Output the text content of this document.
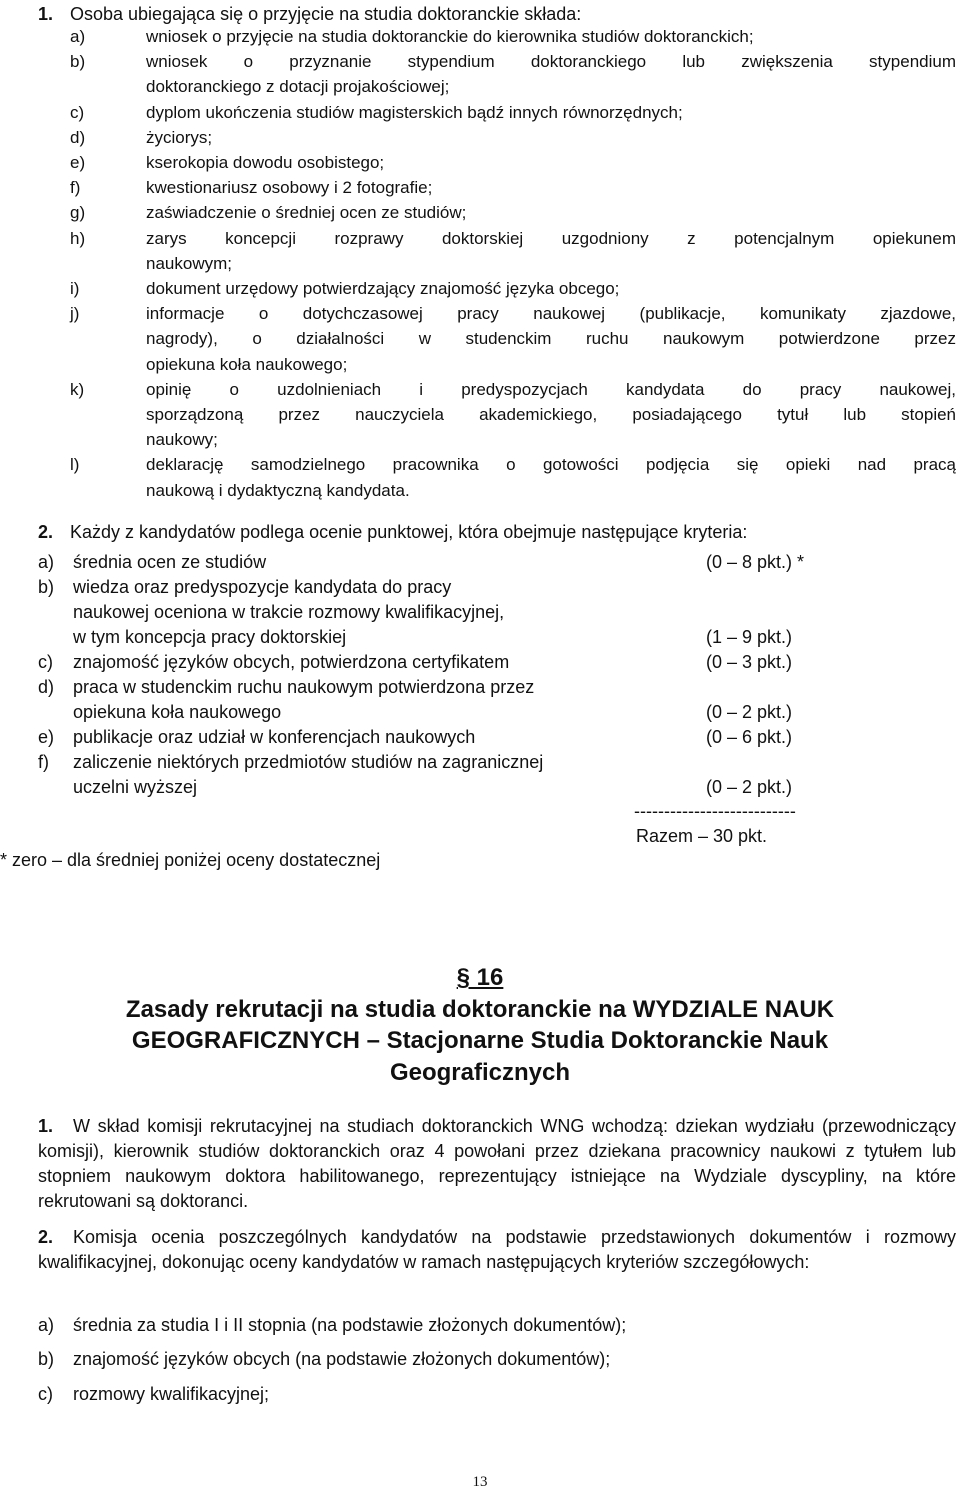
1. Osoba ubiegająca się o przyjęcie na studia doktoranckie składa:
a)	wniosek o przyjęcie na studia doktoranckie do kierownika studiów doktoranckich;
b)	wniosek o przyznanie stypendium doktoranckiego lub zwiększenia stypendium
doktoranckiego z dotacji projakościowej;
c)	dyplom ukończenia studiów magisterskich bądź innych równorzędnych;
d)	życiorys;
e)	kserokopia dowodu osobistego;
f)	kwestionariusz osobowy i 2 fotografie;
g)	zaświadczenie o średniej ocen ze studiów;
h)	zarys koncepcji rozprawy doktorskiej uzgodniony z potencjalnym opiekunem
naukowym;
i)	dokument urzędowy potwierdzający znajomość języka obcego;
j)	informacje o dotychczasowej pracy naukowej (publikacje, komunikaty zjazdowe,
nagrody), o działalności w studenckim ruchu naukowym potwierdzone przez
opiekuna koła naukowego;
k)	opinię o uzdolnieniach i predyspozycjach kandydata do pracy naukowej,
sporządzoną przez nauczyciela akademickiego, posiadającego tytuł lub stopień
naukowy;
l)	deklarację samodzielnego pracownika o gotowości podjęcia się opieki nad pracą
naukową i dydaktyczną kandydata.
2. Każdy z kandydatów podlega ocenie punktowej, która obejmuje następujące kryteria:
---------------------------
Razem – 30 pkt.
* zero – dla średniej poniżej oceny dostatecznej
a) średnia ocen ze studiów	(0 – 8 pkt.) *
b) wiedza oraz predyspozycje kandydata do pracy
naukowej oceniona w trakcie rozmowy kwalifikacyjnej,
w tym koncepcja pracy doktorskiej	(1 – 9 pkt.)
c) znajomość języków obcych, potwierdzona certyfikatem	(0 – 3 pkt.)
d) praca w studenckim ruchu naukowym potwierdzona przez
opiekuna koła naukowego	(0 – 2 pkt.)
e) publikacje oraz udział w konferencjach naukowych	(0 – 6 pkt.)
f) zaliczenie niektórych przedmiotów studiów na zagranicznej
uczelni wyższej	(0 – 2 pkt.)
§ 16
Zasady rekrutacji na studia doktoranckie na WYDZIALE NAUK
GEOGRAFICZNYCH – Stacjonarne Studia Doktoranckie Nauk
Geograficznych
1. W skład komisji rekrutacyjnej na studiach doktoranckich WNG wchodzą: dziekan wydziału (przewodniczący komisji), kierownik studiów doktoranckich oraz 4 powołani przez dziekana pracownicy naukowi z tytułem lub stopniem naukowym doktora habilitowanego, reprezentujący istniejące na Wydziale dyscypliny, na które rekrutowani są doktoranci.
2. Komisja ocenia poszczególnych kandydatów na podstawie przedstawionych dokumentów i rozmowy kwalifikacyjnej, dokonując oceny kandydatów w ramach następujących kryteriów szczegółowych:
a) średnia za studia I i II stopnia (na podstawie złożonych dokumentów);
b) znajomość języków obcych (na podstawie złożonych dokumentów);
c) rozmowy kwalifikacyjnej;
13
